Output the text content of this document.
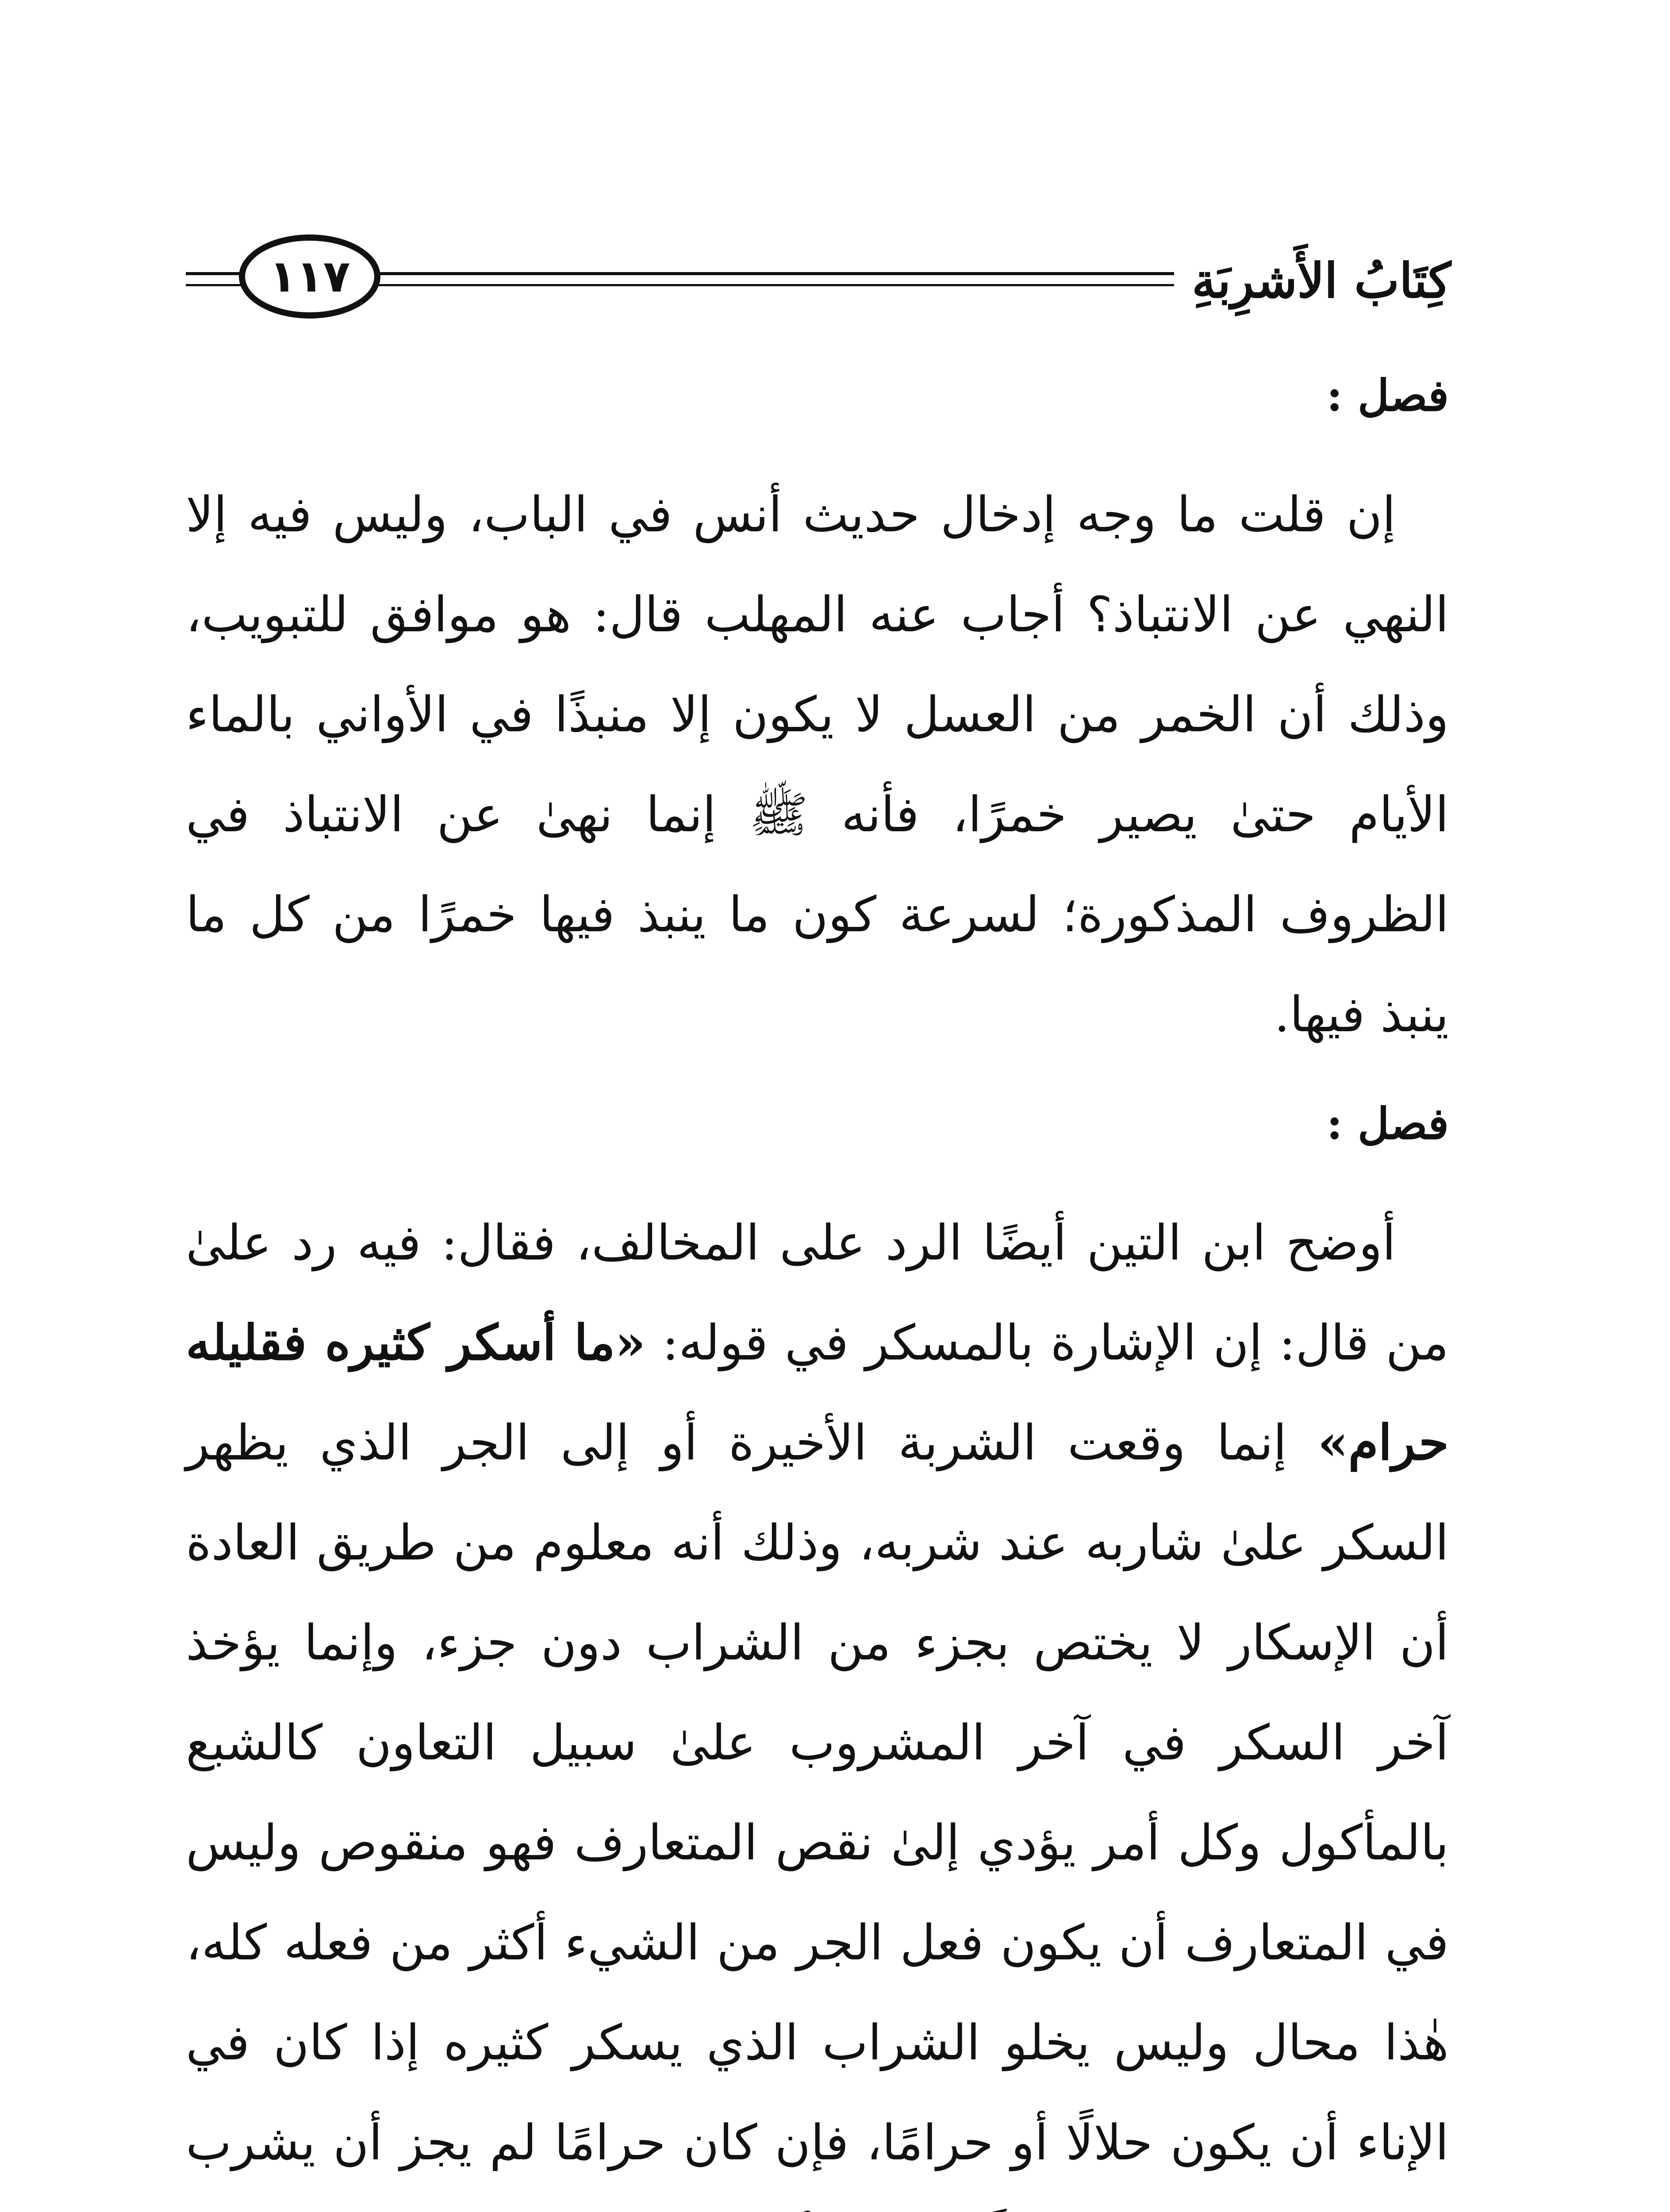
كِتَابُ الأَشرِبَةِ
١١٧
فصل :

إن قلت ما وجه إدخال حديث أنس في الباب، وليس فيه إلا النهي عن الانتباذ؟ أجاب عنه المهلب قال: هو موافق للتبويب، وذلك أن الخمر من العسل لا يكون إلا منبذًا في الأواني بالماء الأيام حتىٰ يصير خمرًا، فأنه ﷺ إنما نهىٰ عن الانتباذ في الظروف المذكورة؛ لسرعة كون ما ينبذ فيها خمرًا من كل ما ينبذ فيها.

فصل :

أوضح ابن التين أيضًا الرد على المخالف، فقال: فيه رد علىٰ من قال: إن الإشارة بالمسكر في قوله: «ما أسكر كثيره فقليله حرام» إنما وقعت الشربة الأخيرة أو إلى الجر الذي يظهر السكر علىٰ شاربه عند شربه، وذلك أنه معلوم من طريق العادة أن الإسكار لا يختص بجزء من الشراب دون جزء، وإنما يؤخذ آخر السكر في آخر المشروب علىٰ سبيل التعاون كالشبع بالمأكول وكل أمر يؤدي إلىٰ نقص المتعارف فهو منقوص وليس في المتعارف أن يكون فعل الجر من الشيء أكثر من فعله كله، هٰذا محال وليس يخلو الشراب الذي يسكر كثيره إذا كان في الإناء أن يكون حلالًا أو حرامًا، فإن كان حرامًا لم يجز أن يشرب
